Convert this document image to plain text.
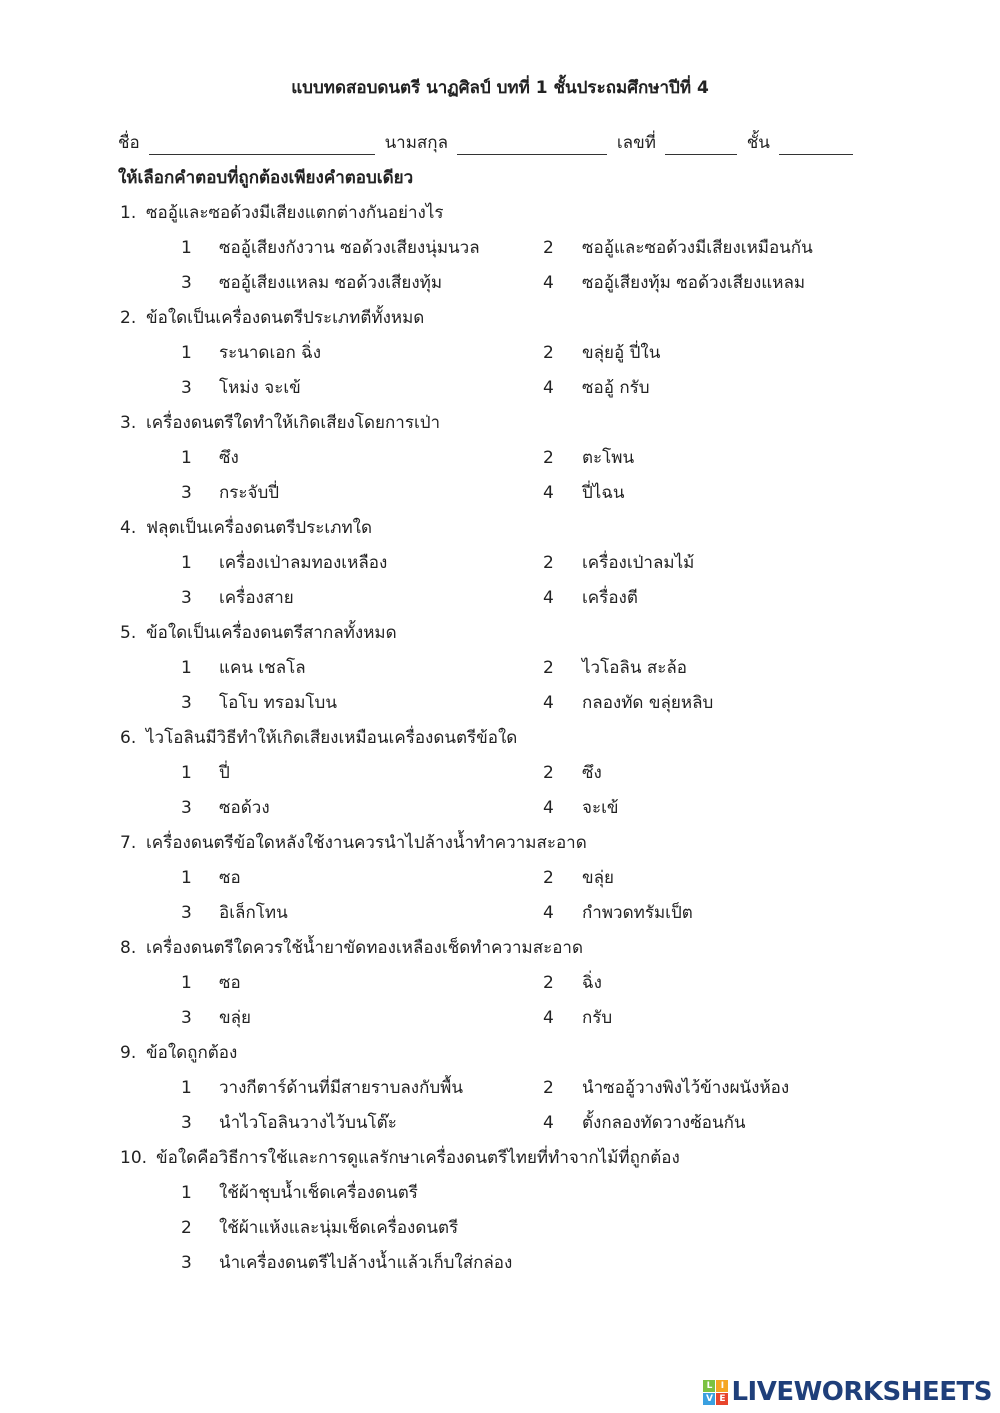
แบบทดสอบดนตรี นาฏศิลป์ บทที่ 1 ชั้นประถมศึกษาปีที่ 4
ชื่อ	นามสกุล	เลขที่	ชั้น
ให้เลือกคำตอบที่ถูกต้องเพียงคำตอบเดียว
1. ซออู้และซอด้วงมีเสียงแตกต่างกันอย่างไร
1 ซออู้เสียงกังวาน ซอด้วงเสียงนุ่มนวล	2 ซออู้และซอด้วงมีเสียงเหมือนกัน
3 ซออู้เสียงแหลม ซอด้วงเสียงทุ้ม	4 ซออู้เสียงทุ้ม ซอด้วงเสียงแหลม
2. ข้อใดเป็นเครื่องดนตรีประเภทตีทั้งหมด
1 ระนาดเอก ฉิ่ง	2 ขลุ่ยอู้ ปี่ใน
3 โหม่ง จะเข้	4 ซออู้ กรับ
3. เครื่องดนตรีใดทำให้เกิดเสียงโดยการเป่า
1 ซึง	2 ตะโพน
3 กระจับปี่	4 ปี่ไฉน
4. ฟลุตเป็นเครื่องดนตรีประเภทใด
1 เครื่องเป่าลมทองเหลือง	2 เครื่องเป่าลมไม้
3 เครื่องสาย	4 เครื่องตี
5. ข้อใดเป็นเครื่องดนตรีสากลทั้งหมด
1 แคน เชลโล	2 ไวโอลิน สะล้อ
3 โอโบ ทรอมโบน	4 กลองทัด ขลุ่ยหลิบ
6. ไวโอลินมีวิธีทำให้เกิดเสียงเหมือนเครื่องดนตรีข้อใด
1 ปี่	2 ซึง
3 ซอด้วง	4 จะเข้
7. เครื่องดนตรีข้อใดหลังใช้งานควรนำไปล้างน้ำทำความสะอาด
1 ซอ	2 ขลุ่ย
3 อิเล็กโทน	4 กำพวดทรัมเป็ต
8. เครื่องดนตรีใดควรใช้น้ำยาขัดทองเหลืองเช็ดทำความสะอาด
1 ซอ	2 ฉิ่ง
3 ขลุ่ย	4 กรับ
9. ข้อใดถูกต้อง
1 วางกีตาร์ด้านที่มีสายราบลงกับพื้น	2 นำซออู้วางพิงไว้ข้างผนังห้อง
3 นำไวโอลินวางไว้บนโต๊ะ	4 ตั้งกลองทัดวางซ้อนกัน
10. ข้อใดคือวิธีการใช้และการดูแลรักษาเครื่องดนตรีไทยที่ทำจากไม้ที่ถูกต้อง
1 ใช้ผ้าชุบน้ำเช็ดเครื่องดนตรี
2 ใช้ผ้าแห้งและนุ่มเช็ดเครื่องดนตรี
3 นำเครื่องดนตรีไปล้างน้ำแล้วเก็บใส่กล่อง
L I
V E LIVEWORKSHEETS
